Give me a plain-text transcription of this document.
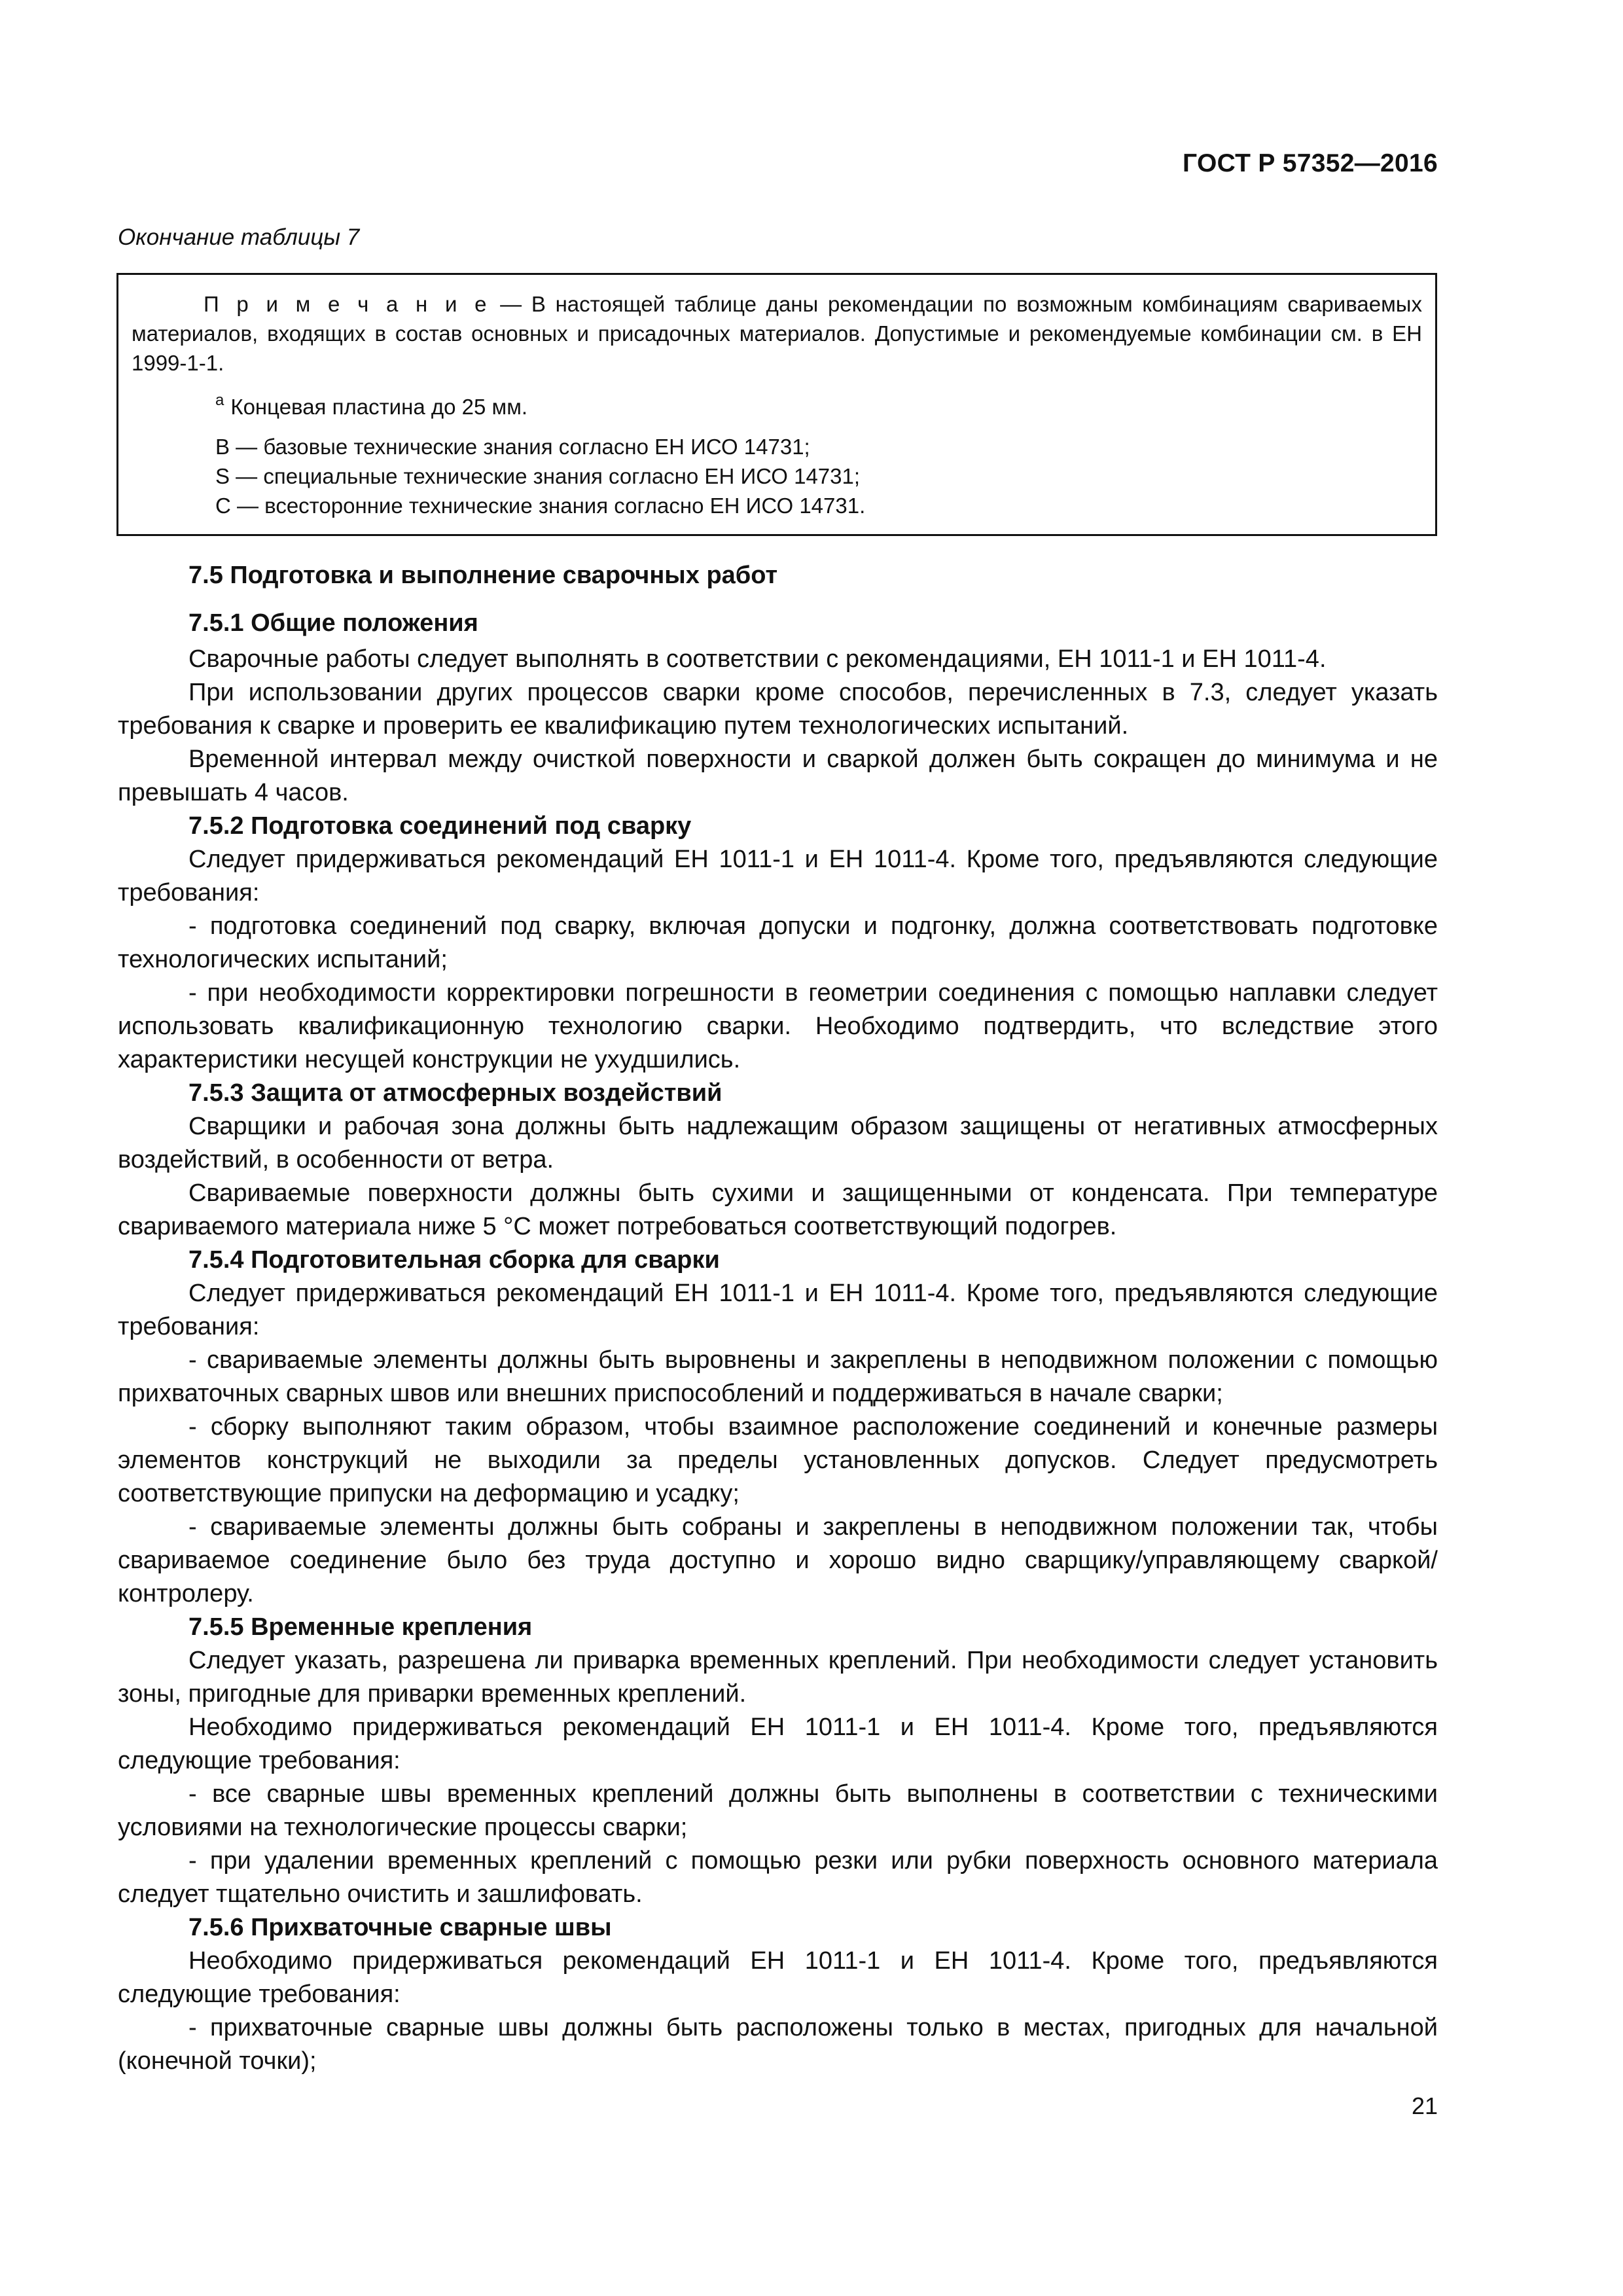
ГОСТ Р 57352—2016
Окончание таблицы 7

П р и м е ч а н и е — В настоящей таблице даны рекомендации по возможным комбинациям свариваемых материалов, входящих в состав основных и присадочных материалов. Допустимые и рекомендуемые комбинации см. в ЕН 1999-1-1.

$^а$ Концевая пластина до 25 мм.

В — базовые технические знания согласно ЕН ИСО 14731;

S — специальные технические знания согласно ЕН ИСО 14731;

С — всесторонние технические знания согласно ЕН ИСО 14731.

7.5 Подготовка и выполнение сварочных работ
7.5.1 Общие положения

Сварочные работы следует выполнять в соответствии с рекомендациями, ЕН 1011-1 и ЕН 1011-4.

При использовании других процессов сварки кроме способов, перечисленных в 7.3, следует указать требования к сварке и проверить ее квалификацию путем технологических испытаний.

Временной интервал между очисткой поверхности и сваркой должен быть сокращен до минимума и не превышать 4 часов.

7.5.2 Подготовка соединений под сварку

Следует придерживаться рекомендаций ЕН 1011-1 и ЕН 1011-4. Кроме того, предъявляются следующие требования:

- подготовка соединений под сварку, включая допуски и подгонку, должна соответствовать подготовке технологических испытаний;

- при необходимости корректировки погрешности в геометрии соединения с помощью наплавки следует использовать квалификационную технологию сварки. Необходимо подтвердить, что вследствие этого характеристики несущей конструкции не ухудшились.

7.5.3 Защита от атмосферных воздействий

Сварщики и рабочая зона должны быть надлежащим образом защищены от негативных атмосферных воздействий, в особенности от ветра.

Свариваемые поверхности должны быть сухими и защищенными от конденсата. При температуре свариваемого материала ниже 5 °С может потребоваться соответствующий подогрев.

7.5.4 Подготовительная сборка для сварки

Следует придерживаться рекомендаций ЕН 1011-1 и ЕН 1011-4. Кроме того, предъявляются следующие требования:

- свариваемые элементы должны быть выровнены и закреплены в неподвижном положении с помощью прихваточных сварных швов или внешних приспособлений и поддерживаться в начале сварки;

- сборку выполняют таким образом, чтобы взаимное расположение соединений и конечные размеры элементов конструкций не выходили за пределы установленных допусков. Следует предусмотреть соответствующие припуски на деформацию и усадку;

- свариваемые элементы должны быть собраны и закреплены в неподвижном положении так, чтобы свариваемое соединение было без труда доступно и хорошо видно сварщику/управляющему сваркой/контролеру.

7.5.5 Временные крепления

Следует указать, разрешена ли приварка временных креплений. При необходимости следует установить зоны, пригодные для приварки временных креплений.

Необходимо придерживаться рекомендаций ЕН 1011-1 и ЕН 1011-4. Кроме того, предъявляются следующие требования:

- все сварные швы временных креплений должны быть выполнены в соответствии с техническими условиями на технологические процессы сварки;

- при удалении временных креплений с помощью резки или рубки поверхность основного материала следует тщательно очистить и зашлифовать.

7.5.6 Прихваточные сварные швы

Необходимо придерживаться рекомендаций ЕН 1011-1 и ЕН 1011-4. Кроме того, предъявляются следующие требования:

- прихваточные сварные швы должны быть расположены только в местах, пригодных для начальной (конечной точки);

21
